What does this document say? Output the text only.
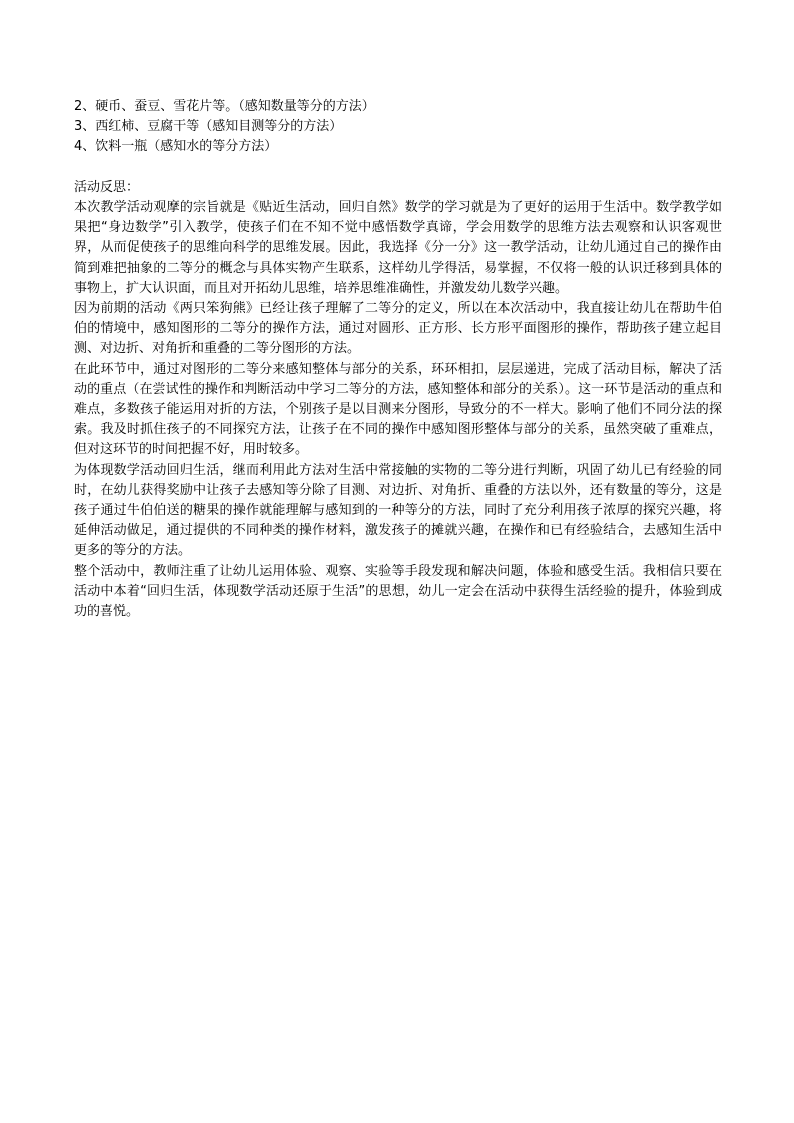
2、硬币、蚕豆、雪花片等。（感知数量等分的方法）

3、西红柿、豆腐干等（感知目测等分的方法）

4、饮料一瓶（感知水的等分方法）

活动反思：

本次教学活动观摩的宗旨就是《贴近生活动，回归自然》数学的学习就是为了更好的运用于生活中。数学教学如果把“身边数学”引入教学，使孩子们在不知不觉中感悟数学真谛，学会用数学的思维方法去观察和认识客观世界，从而促使孩子的思维向科学的思维发展。因此，我选择《分一分》这一教学活动，让幼儿通过自己的操作由简到难把抽象的二等分的概念与具体实物产生联系，这样幼儿学得活，易掌握，不仅将一般的认识迁移到具体的事物上，扩大认识面，而且对开拓幼儿思维，培养思维准确性，并激发幼儿数学兴趣。

因为前期的活动《两只笨狗熊》已经让孩子理解了二等分的定义，所以在本次活动中，我直接让幼儿在帮助牛伯伯的情境中，感知图形的二等分的操作方法，通过对圆形、正方形、长方形平面图形的操作，帮助孩子建立起目测、对边折、对角折和重叠的二等分图形的方法。

在此环节中，通过对图形的二等分来感知整体与部分的关系，环环相扣，层层递进，完成了活动目标，解决了活动的重点（在尝试性的操作和判断活动中学习二等分的方法，感知整体和部分的关系）。这一环节是活动的重点和难点，多数孩子能运用对折的方法，个别孩子是以目测来分图形，导致分的不一样大。影响了他们不同分法的探索。我及时抓住孩子的不同探究方法，让孩子在不同的操作中感知图形整体与部分的关系，虽然突破了重难点，但对这环节的时间把握不好，用时较多。

为体现数学活动回归生活，继而利用此方法对生活中常接触的实物的二等分进行判断，巩固了幼儿已有经验的同时，在幼儿获得奖励中让孩子去感知等分除了目测、对边折、对角折、重叠的方法以外，还有数量的等分，这是孩子通过牛伯伯送的糖果的操作就能理解与感知到的一种等分的方法，同时了充分利用孩子浓厚的探究兴趣，将延伸活动做足，通过提供的不同种类的操作材料，激发孩子的摊就兴趣，在操作和已有经验结合，去感知生活中更多的等分的方法。

整个活动中，教师注重了让幼儿运用体验、观察、实验等手段发现和解决问题，体验和感受生活。我相信只要在活动中本着“回归生活，体现数学活动还原于生活”的思想，幼儿一定会在活动中获得生活经验的提升，体验到成功的喜悦。
